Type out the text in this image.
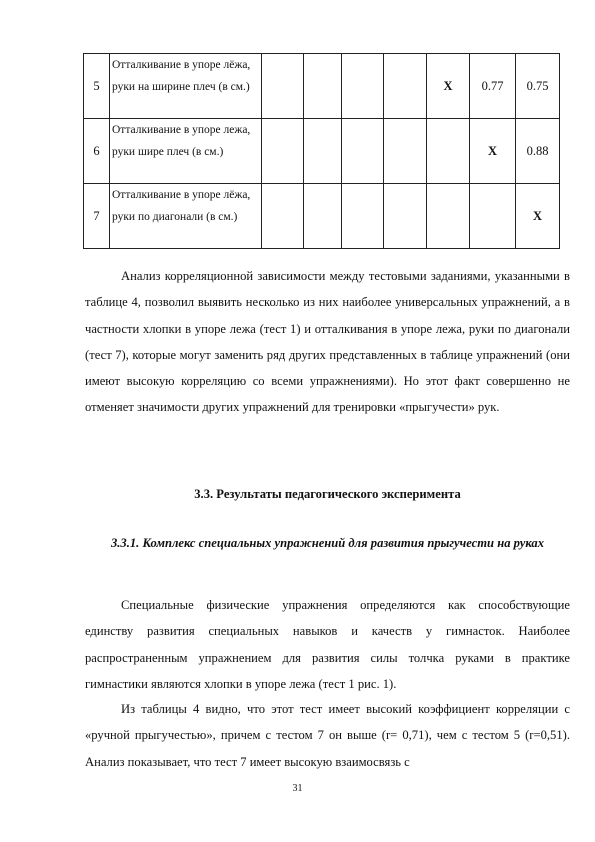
5	Отталкивание в упоре лёжа, руки на ширине плеч (в см.)					X	0.77	0.75
6	Отталкивание в упоре лежа, руки шире плеч (в см.)						X	0.88
7	Отталкивание в упоре лёжа, руки по диагонали (в см.)							X

Анализ корреляционной зависимости между тестовыми заданиями, указанными в таблице 4, позволил выявить несколько из них наиболее универсальных упражнений, а в частности хлопки в упоре лежа (тест 1) и отталкивания в упоре лежа, руки по диагонали (тест 7), которые могут заменить ряд других представленных в таблице упражнений (они имеют высокую корреляцию со всеми упражнениями). Но этот факт совершенно не отменяет значимости других упражнений для тренировки «прыгучести» рук.

3.3. Результаты педагогического эксперимента
3.3.1. Комплекс специальных упражнений для развития прыгучести на руках

Специальные физические упражнения определяются как способствующие единству развития специальных навыков и качеств у гимнасток. Наиболее распространенным упражнением для развития силы толчка руками в практике гимнастики являются хлопки в упоре лежа (тест 1 рис. 1).

Из таблицы 4 видно, что этот тест имеет высокий коэффициент корреляции с «ручной прыгучестью», причем с тестом 7 он выше (r= 0,71), чем с тестом 5 (r=0,51). Анализ показывает, что тест 7 имеет высокую взаимосвязь с

31
